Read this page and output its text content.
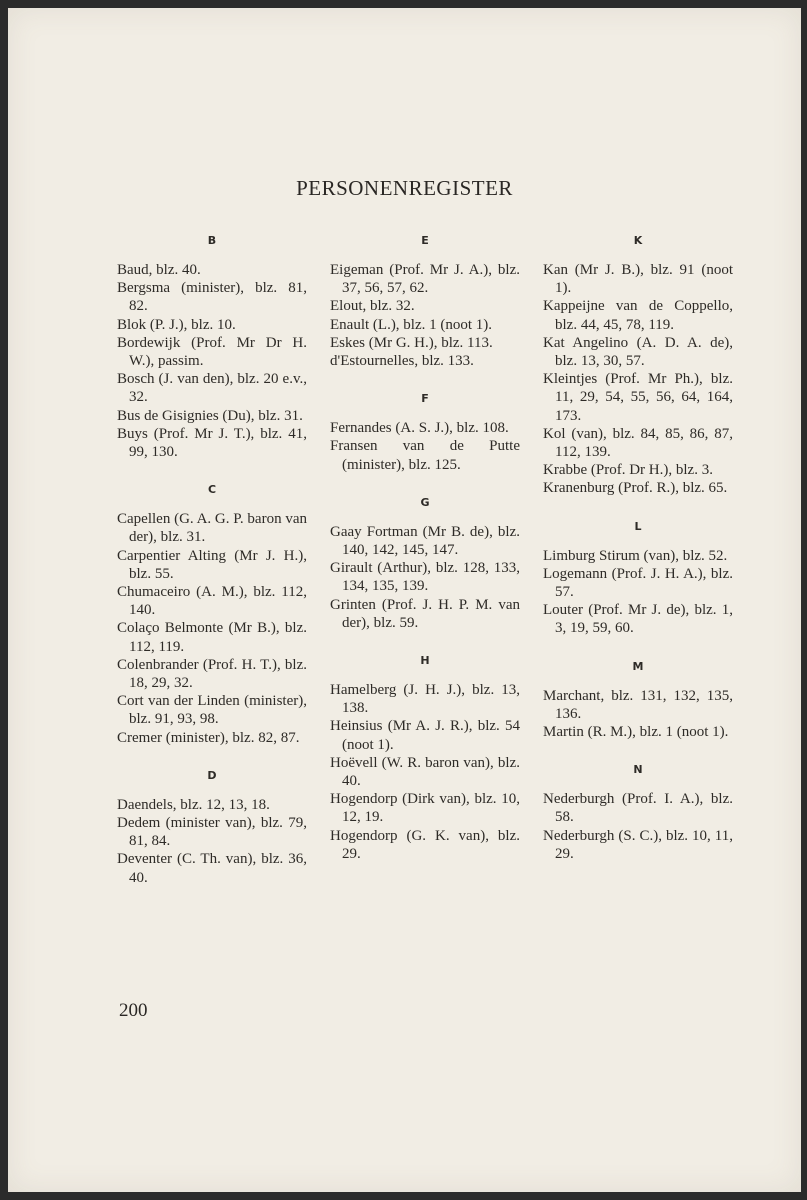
PERSONENREGISTER
B
Baud, blz. 40.
Bergsma (minister), blz. 81, 82.
Blok (P. J.), blz. 10.
Bordewijk (Prof. Mr Dr H. W.), passim.
Bosch (J. van den), blz. 20 e.v., 32.
Bus de Gisignies (Du), blz. 31.
Buys (Prof. Mr J. T.), blz. 41, 99, 130.
C
Capellen (G. A. G. P. baron van der), blz. 31.
Carpentier Alting (Mr J. H.), blz. 55.
Chumaceiro (A. M.), blz. 112, 140.
Colaço Belmonte (Mr B.), blz. 112, 119.
Colenbrander (Prof. H. T.), blz. 18, 29, 32.
Cort van der Linden (minister), blz. 91, 93, 98.
Cremer (minister), blz. 82, 87.
D
Daendels, blz. 12, 13, 18.
Dedem (minister van), blz. 79, 81, 84.
Deventer (C. Th. van), blz. 36, 40.
E
Eigeman (Prof. Mr J. A.), blz. 37, 56, 57, 62.
Elout, blz. 32.
Enault (L.), blz. 1 (noot 1).
Eskes (Mr G. H.), blz. 113.
d'Estournelles, blz. 133.
F
Fernandes (A. S. J.), blz. 108.
Fransen van de Putte (minister), blz. 125.
G
Gaay Fortman (Mr B. de), blz. 140, 142, 145, 147.
Girault (Arthur), blz. 128, 133, 134, 135, 139.
Grinten (Prof. J. H. P. M. van der), blz. 59.
H
Hamelberg (J. H. J.), blz. 13, 138.
Heinsius (Mr A. J. R.), blz. 54 (noot 1).
Hoëvell (W. R. baron van), blz. 40.
Hogendorp (Dirk van), blz. 10, 12, 19.
Hogendorp (G. K. van), blz. 29.
K
Kan (Mr J. B.), blz. 91 (noot 1).
Kappeijne van de Coppello, blz. 44, 45, 78, 119.
Kat Angelino (A. D. A. de), blz. 13, 30, 57.
Kleintjes (Prof. Mr Ph.), blz. 11, 29, 54, 55, 56, 64, 164, 173.
Kol (van), blz. 84, 85, 86, 87, 112, 139.
Krabbe (Prof. Dr H.), blz. 3.
Kranenburg (Prof. R.), blz. 65.
L
Limburg Stirum (van), blz. 52.
Logemann (Prof. J. H. A.), blz. 57.
Louter (Prof. Mr J. de), blz. 1, 3, 19, 59, 60.
M
Marchant, blz. 131, 132, 135, 136.
Martin (R. M.), blz. 1 (noot 1).
N
Nederburgh (Prof. I. A.), blz. 58.
Nederburgh (S. C.), blz. 10, 11, 29.
200
